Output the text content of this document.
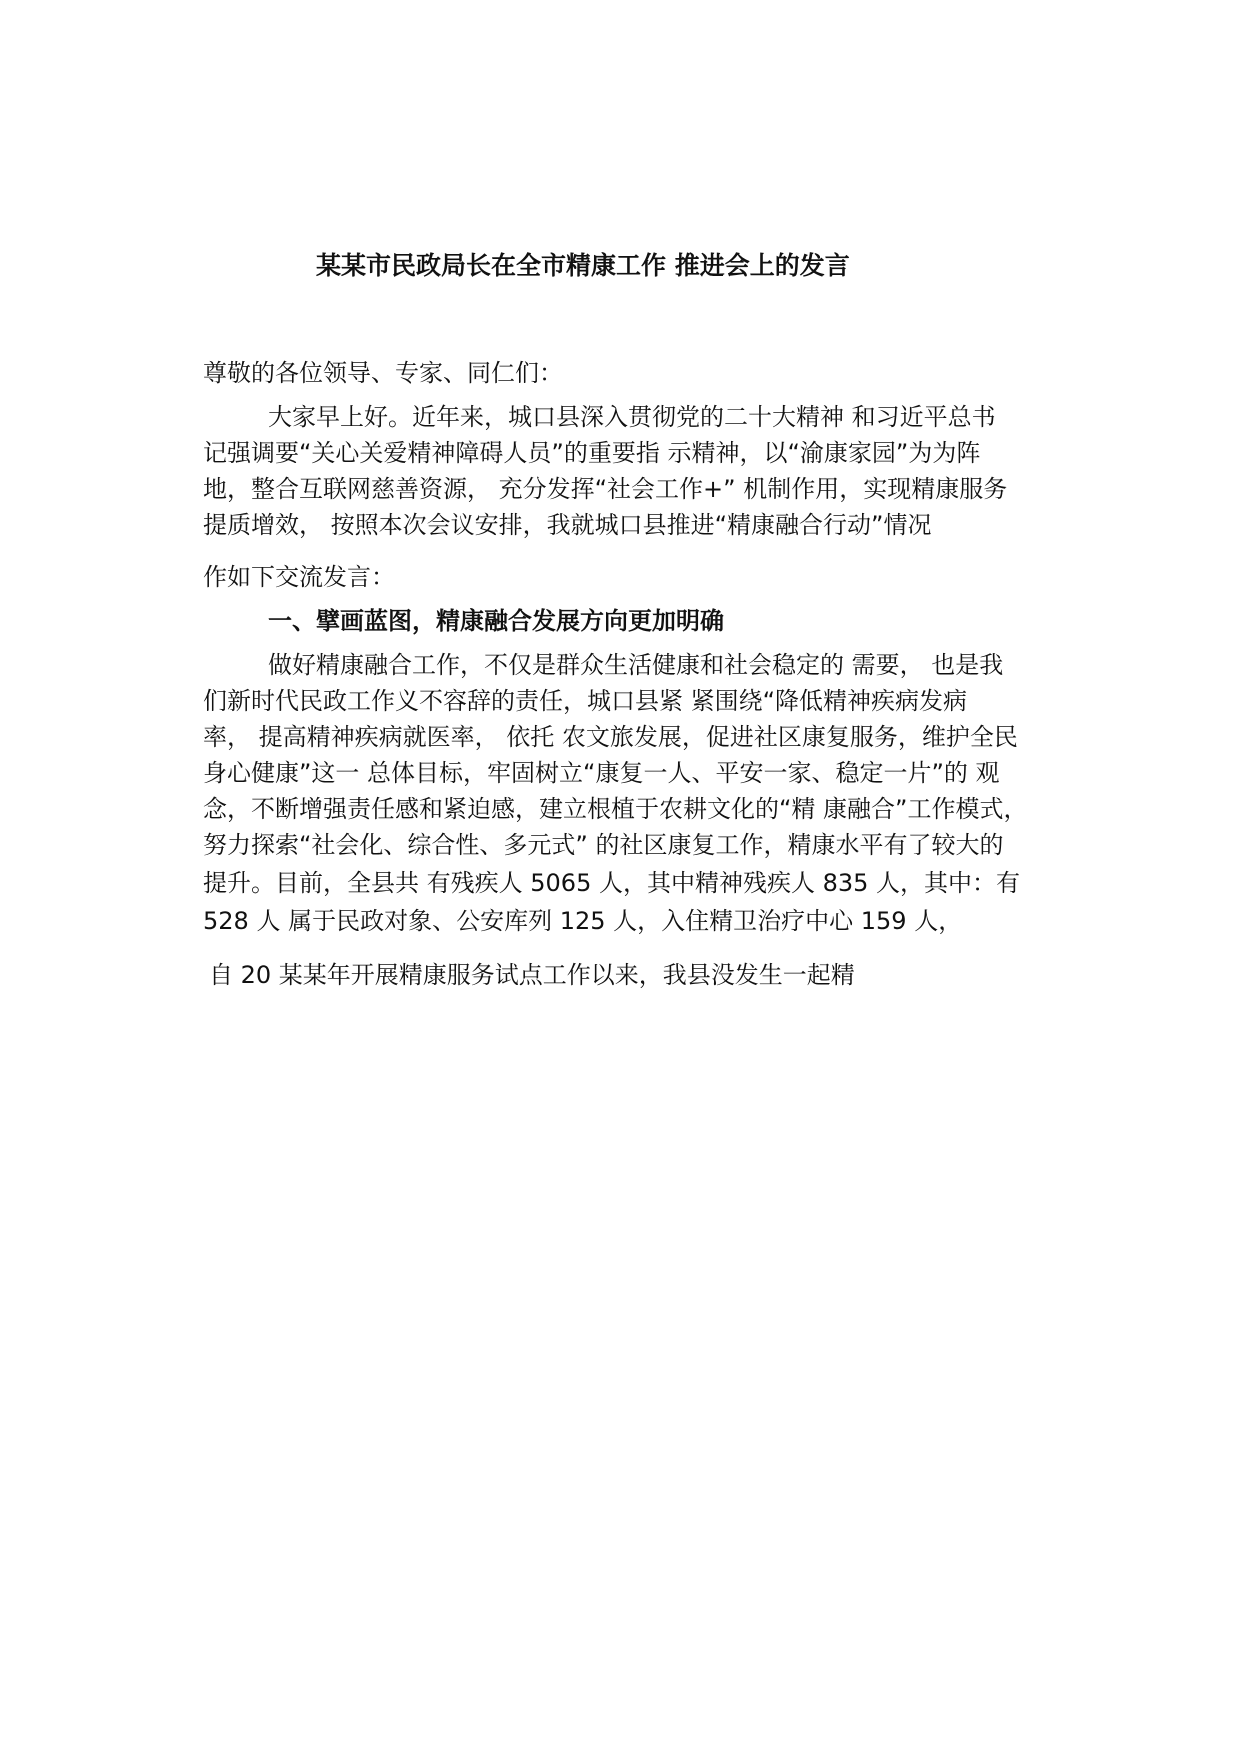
某某市民政局长在全市精康工作 推进会上的发言
尊敬的各位领导、专家、同仁们：
大家早上好。近年来，城口县深入贯彻党的二十大精神 和习近平总书
记强调要“关心关爱精神障碍人员”的重要指 示精神，以“渝康家园”为为阵
地，整合互联网慈善资源， 充分发挥“社会工作+” 机制作用，实现精康服务
提质增效， 按照本次会议安排，我就城口县推进“精康融合行动”情况
作如下交流发言：
一、擘画蓝图，精康融合发展方向更加明确
做好精康融合工作，不仅是群众生活健康和社会稳定的 需要， 也是我
们新时代民政工作义不容辞的责任，城口县紧 紧围绕“降低精神疾病发病
率， 提高精神疾病就医率， 依托 农文旅发展，促进社区康复服务，维护全民
身心健康”这一 总体目标，牢固树立“康复一人、平安一家、稳定一片”的 观
念，不断增强责任感和紧迫感，建立根植于农耕文化的“精 康融合”工作模式，
努力探索“社会化、综合性、多元式” 的社区康复工作，精康水平有了较大的
提升。目前，全县共 有残疾人 5065 人，其中精神残疾人 835 人，其中：有
528 人 属于民政对象、公安库列 125 人，入住精卫治疗中心 159 人，
自 20 某某年开展精康服务试点工作以来，我县没发生一起精
